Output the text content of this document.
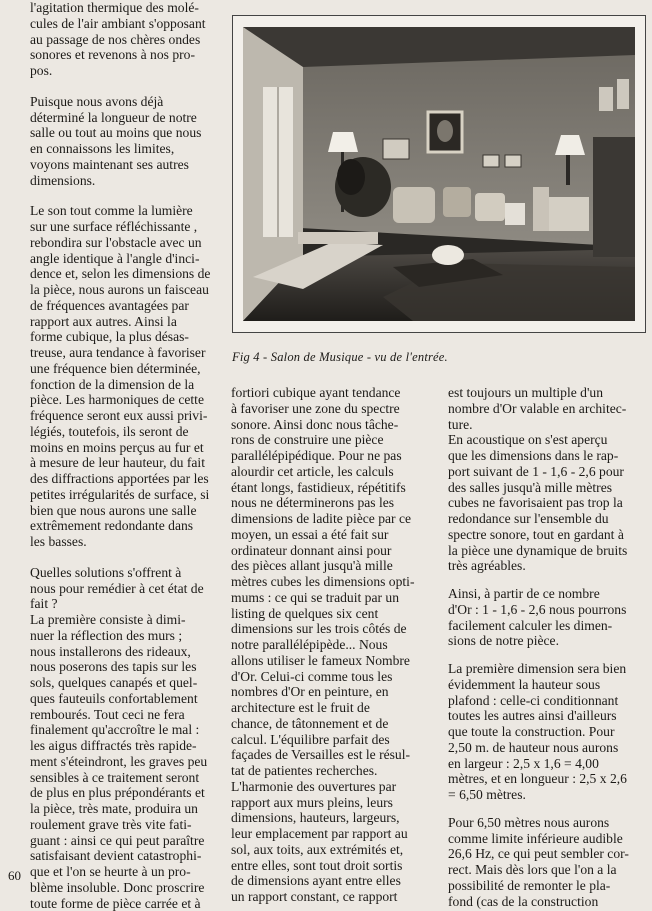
l'agitation thermique des molé-
cules de l'air ambiant s'opposant
au passage de nos chères ondes
sonores et revenons à nos pro-
pos.

Puisque nous avons déjà
déterminé la longueur de notre
salle ou tout au moins que nous
en connaissons les limites,
voyons maintenant ses autres
dimensions.

Le son tout comme la lumière
sur une surface réfléchissante ,
rebondira sur l'obstacle avec un
angle identique à l'angle d'inci-
dence et, selon les dimensions de
la pièce, nous aurons un faisceau
de fréquences avantagées par
rapport aux autres. Ainsi la
forme cubique, la plus désas-
treuse, aura tendance à favoriser
une fréquence bien déterminée,
fonction de la dimension de la
pièce. Les harmoniques de cette
fréquence seront eux aussi privi-
légiés, toutefois, ils seront de
moins en moins perçus au fur et
à mesure de leur hauteur, du fait
des diffractions apportées par les
petites irrégularités de surface, si
bien que nous aurons une salle
extrêmement redondante dans
les basses.

Quelles solutions s'offrent à
nous pour remédier à cet état de
fait ?

La première consiste à dimi-
nuer la réflection des murs ;
nous installerons des rideaux,
nous poserons des tapis sur les
sols, quelques canapés et quel-
ques fauteuils confortablement
rembourés. Tout ceci ne fera
finalement qu'accroître le mal :
les aigus diffractés très rapide-
ment s'éteindront, les graves peu
sensibles à ce traitement seront
de plus en plus prépondérants et
la pièce, très mate, produira un
roulement grave très vite fati-
guant : ainsi ce qui peut paraître
satisfaisant devient catastrophi-
que et l'on se heurte à un pro-
blème insoluble. Donc proscrire
toute forme de pièce carrée et à

Fig 4 - Salon de Musique - vu de l'entrée.

fortiori cubique ayant tendance
à favoriser une zone du spectre
sonore. Ainsi donc nous tâche-
rons de construire une pièce
parallélépipédique. Pour ne pas
alourdir cet article, les calculs
étant longs, fastidieux, répétitifs
nous ne déterminerons pas les
dimensions de ladite pièce par ce
moyen, un essai a été fait sur
ordinateur donnant ainsi pour
des pièces allant jusqu'à mille
mètres cubes les dimensions opti-
mums : ce qui se traduit par un
listing de quelques six cent
dimensions sur les trois côtés de
notre parallélépipède... Nous
allons utiliser le fameux Nombre
d'Or. Celui-ci comme tous les
nombres d'Or en peinture, en
architecture est le fruit de
chance, de tâtonnement et de
calcul. L'équilibre parfait des
façades de Versailles est le résul-
tat de patientes recherches.

L'harmonie des ouvertures par
rapport aux murs pleins, leurs
dimensions, hauteurs, largeurs,
leur emplacement par rapport au
sol, aux toits, aux extrémités et,
entre elles, sont tout droit sortis
de dimensions ayant entre elles
un rapport constant, ce rapport

est toujours un multiple d'un
nombre d'Or valable en architec-
ture.

En acoustique on s'est aperçu
que les dimensions dans le rap-
port suivant de 1 - 1,6 - 2,6 pour
des salles jusqu'à mille mètres
cubes ne favorisaient pas trop la
redondance sur l'ensemble du
spectre sonore, tout en gardant à
la pièce une dynamique de bruits
très agréables.

Ainsi, à partir de ce nombre
d'Or : 1 - 1,6 - 2,6 nous pourrons
facilement calculer les dimen-
sions de notre pièce.

La première dimension sera bien
évidemment la hauteur sous
plafond : celle-ci conditionnant
toutes les autres ainsi d'ailleurs
que toute la construction. Pour
2,50 m. de hauteur nous aurons
en largeur : 2,5 x 1,6 = 4,00
mètres, et en longueur : 2,5 x 2,6
= 6,50 mètres.

Pour 6,50 mètres nous aurons
comme limite inférieure audible
26,6 Hz, ce qui peut sembler cor-
rect. Mais dès lors que l'on a la
possibilité de remonter le pla-
fond (cas de la construction

60
